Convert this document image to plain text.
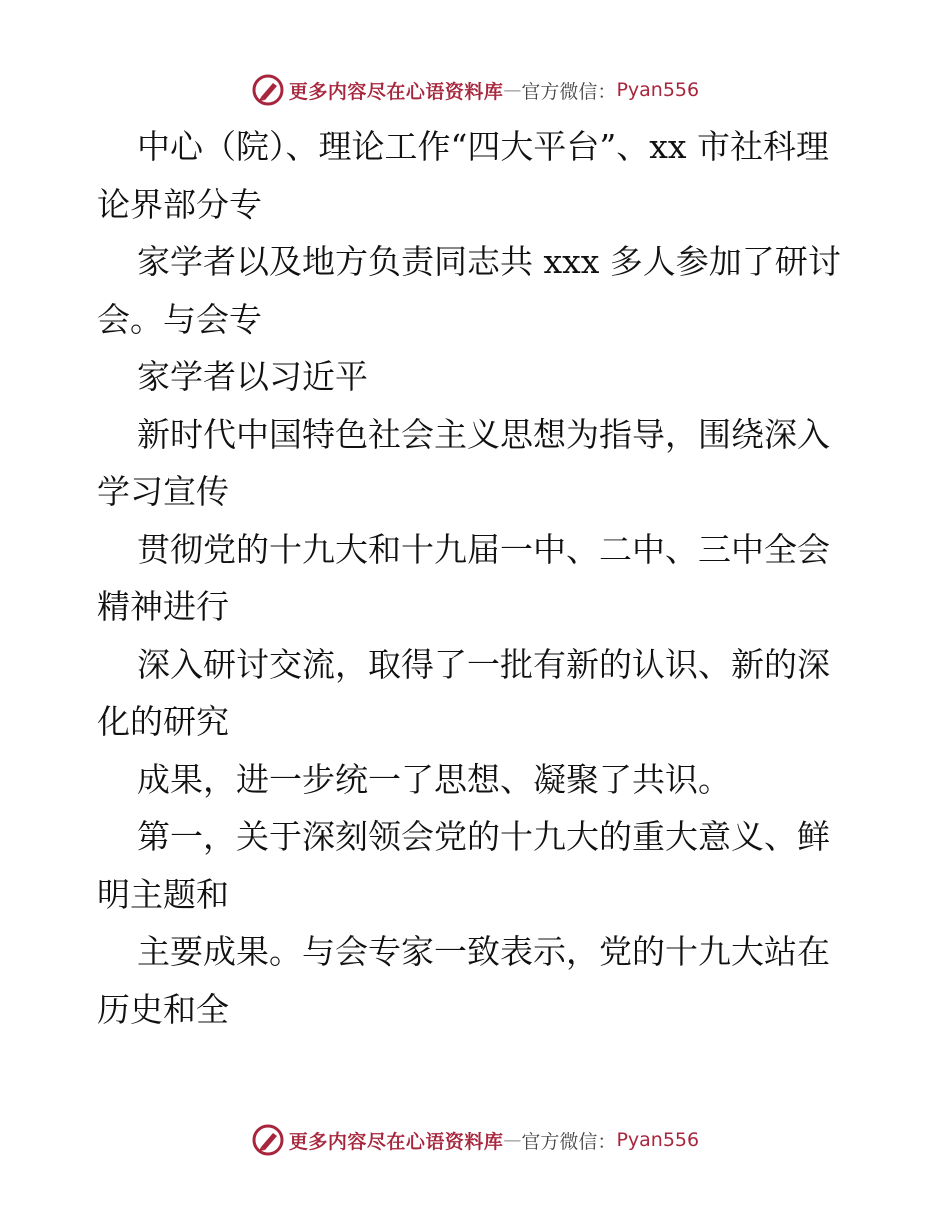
更多内容尽在心语资料库 — 官方微信： Pyan556

中心（院）、理论工作“四大平台”、xx 市社科理论界部分专

家学者以及地方负责同志共 xxx 多人参加了研讨会。与会专

家学者以习近平

新时代中国特色社会主义思想为指导，围绕深入学习宣传

贯彻党的十九大和十九届一中、二中、三中全会精神进行

深入研讨交流，取得了一批有新的认识、新的深化的研究

成果，进一步统一了思想、凝聚了共识。

第一，关于深刻领会党的十九大的重大意义、鲜明主题和

主要成果。与会专家一致表示，党的十九大站在历史和全

更多内容尽在心语资料库 — 官方微信： Pyan556
